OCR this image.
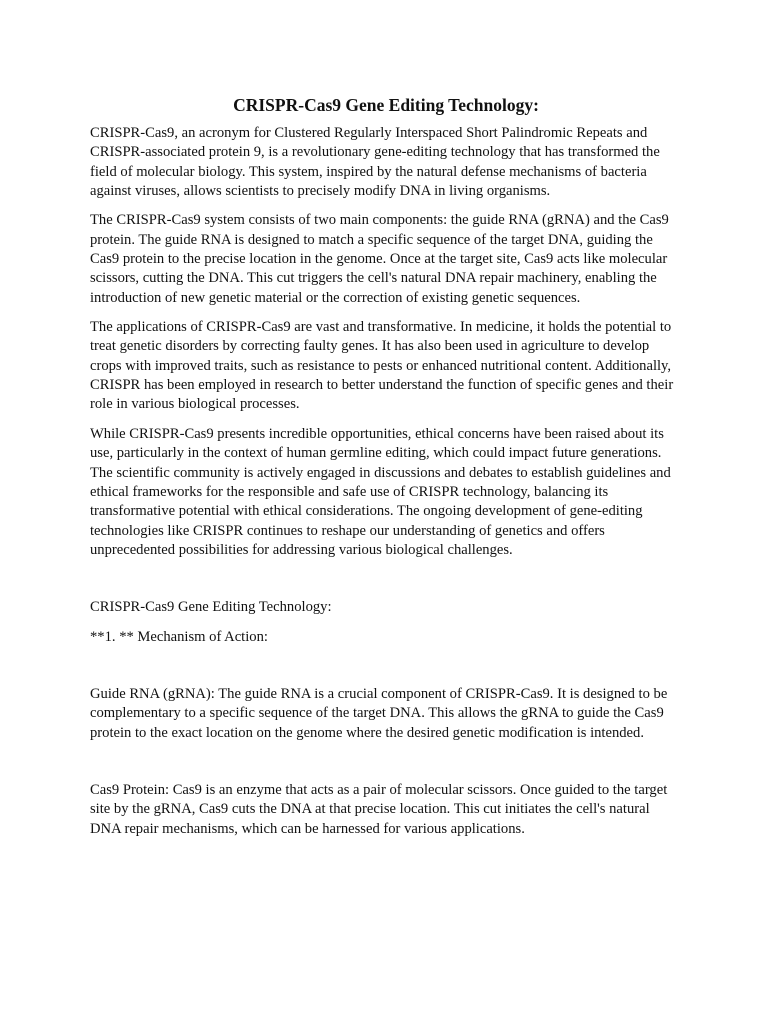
CRISPR-Cas9 Gene Editing Technology:

CRISPR-Cas9, an acronym for Clustered Regularly Interspaced Short Palindromic Repeats and CRISPR-associated protein 9, is a revolutionary gene-editing technology that has transformed the field of molecular biology. This system, inspired by the natural defense mechanisms of bacteria against viruses, allows scientists to precisely modify DNA in living organisms.

The CRISPR-Cas9 system consists of two main components: the guide RNA (gRNA) and the Cas9 protein. The guide RNA is designed to match a specific sequence of the target DNA, guiding the Cas9 protein to the precise location in the genome. Once at the target site, Cas9 acts like molecular scissors, cutting the DNA. This cut triggers the cell's natural DNA repair machinery, enabling the introduction of new genetic material or the correction of existing genetic sequences.

The applications of CRISPR-Cas9 are vast and transformative. In medicine, it holds the potential to treat genetic disorders by correcting faulty genes. It has also been used in agriculture to develop crops with improved traits, such as resistance to pests or enhanced nutritional content. Additionally, CRISPR has been employed in research to better understand the function of specific genes and their role in various biological processes.

While CRISPR-Cas9 presents incredible opportunities, ethical concerns have been raised about its use, particularly in the context of human germline editing, which could impact future generations. The scientific community is actively engaged in discussions and debates to establish guidelines and ethical frameworks for the responsible and safe use of CRISPR technology, balancing its transformative potential with ethical considerations. The ongoing development of gene-editing technologies like CRISPR continues to reshape our understanding of genetics and offers unprecedented possibilities for addressing various biological challenges.

CRISPR-Cas9 Gene Editing Technology:

**1. ** Mechanism of Action:

Guide RNA (gRNA): The guide RNA is a crucial component of CRISPR-Cas9. It is designed to be complementary to a specific sequence of the target DNA. This allows the gRNA to guide the Cas9 protein to the exact location on the genome where the desired genetic modification is intended.

Cas9 Protein: Cas9 is an enzyme that acts as a pair of molecular scissors. Once guided to the target site by the gRNA, Cas9 cuts the DNA at that precise location. This cut initiates the cell's natural DNA repair mechanisms, which can be harnessed for various applications.
